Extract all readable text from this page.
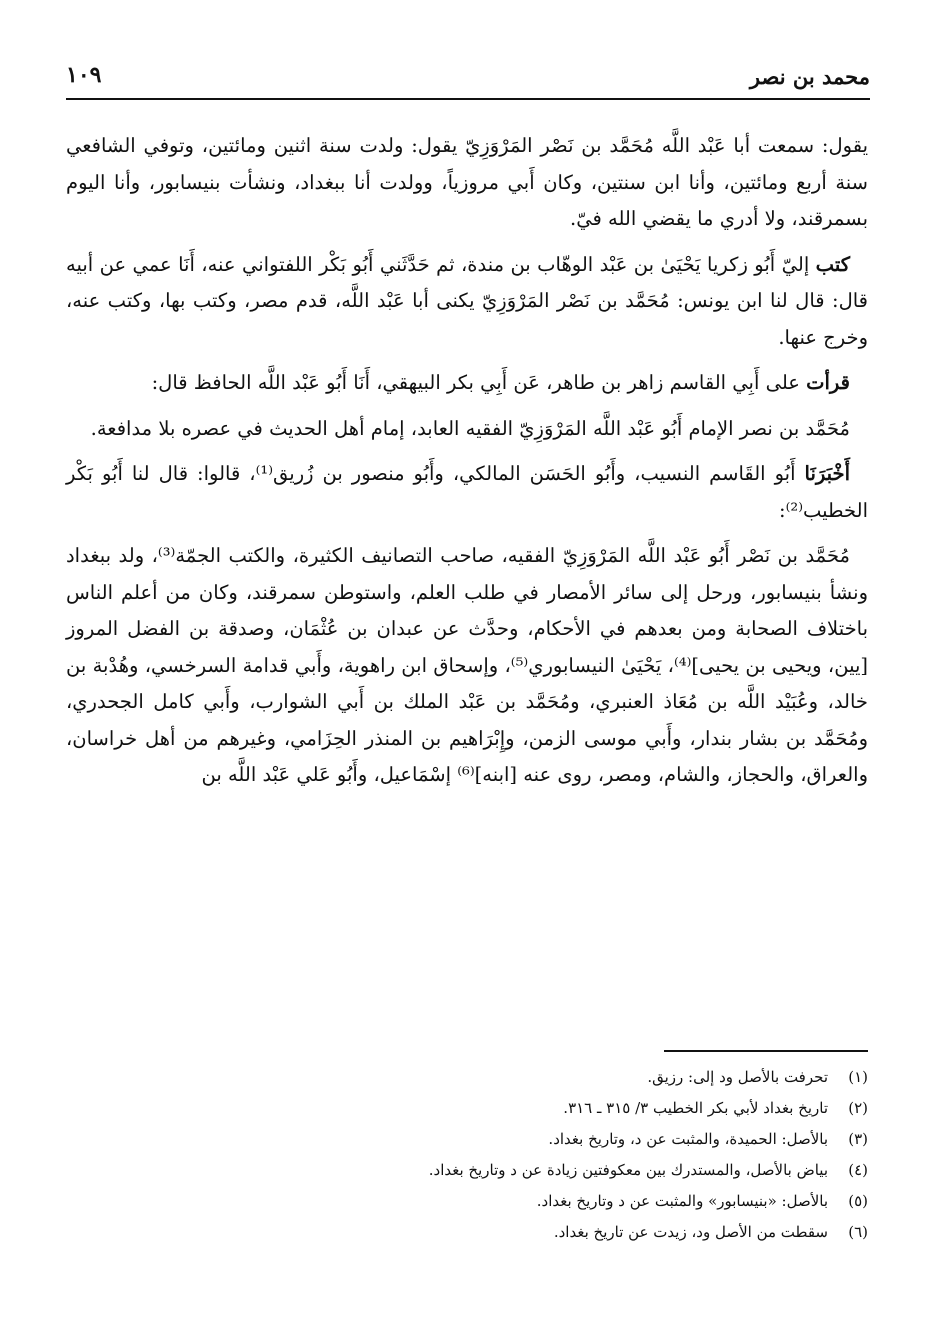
محمد بن نصر
١٠٩

يقول: سمعت أبا عَبْد اللَّه مُحَمَّد بن نَصْر المَرْوَزِيّ يقول: ولدت سنة اثنين ومائتين، وتوفي الشافعي سنة أربع ومائتين، وأنا ابن سنتين، وكان أَبي مروزياً، وولدت أنا ببغداد، ونشأت بنيسابور، وأنا اليوم بسمرقند، ولا أدري ما يقضي الله فيّ.

كتب إليّ أَبُو زكريا يَحْيَىٰ بن عَبْد الوهّاب بن مندة، ثم حَدَّثَني أَبُو بَكْر اللفتواني عنه، أَنَا عمي عن أبيه قال: قال لنا ابن يونس: مُحَمَّد بن نَصْر المَرْوَزِيّ يكنى أبا عَبْد اللَّه، قدم مصر، وكتب بها، وكتب عنه، وخرج عنها.

قرأت على أَبِي القاسم زاهر بن طاهر، عَن أَبِي بكر البيهقي، أَنَا أَبُو عَبْد اللَّه الحافظ قال:

مُحَمَّد بن نصر الإمام أَبُو عَبْد اللَّه المَرْوَزِيّ الفقيه العابد، إمام أهل الحديث في عصره بلا مدافعة.

أَخْبَرَنَا أَبُو القَاسم النسيب، وأَبُو الحَسَن المالكي، وأَبُو منصور بن زُريق⁽¹⁾، قالوا: قال لنا أَبُو بَكْر الخطيب⁽²⁾:

مُحَمَّد بن نَصْر أَبُو عَبْد اللَّه المَرْوَزِيّ الفقيه، صاحب التصانيف الكثيرة، والكتب الجمّة⁽³⁾، ولد ببغداد ونشأ بنيسابور، ورحل إلى سائر الأمصار في طلب العلم، واستوطن سمرقند، وكان من أعلم الناس باختلاف الصحابة ومن بعدهم في الأحكام، وحدَّث عن عبدان بن عُثْمَان، وصدقة بن الفضل المروز [يين، ويحيى بن يحيى]⁽⁴⁾، يَحْيَىٰ النيسابوري⁽⁵⁾، وإسحاق ابن راهوية، وأَبي قدامة السرخسي، وهُدْبة بن خالد، وعُبَيْد اللَّه بن مُعَاذ العنبري، ومُحَمَّد بن عَبْد الملك بن أَبي الشوارب، وأَبي كامل الجحدري، ومُحَمَّد بن بشار بندار، وأَبي موسى الزمن، وإِبْرَاهيم بن المنذر الحِزَامي، وغيرهم من أهل خراسان، والعراق، والحجاز، والشام، ومصر، روى عنه [ابنه]⁽⁶⁾ إسْمَاعيل، وأَبُو عَلي عَبْد اللَّه بن

(١)تحرفت بالأصل ود إلى: رزيق.
(٢)تاريخ بغداد لأبي بكر الخطيب ٣/ ٣١٥ ـ ٣١٦.
(٣)بالأصل: الحميدة، والمثبت عن د، وتاريخ بغداد.
(٤)بياض بالأصل، والمستدرك بين معكوفتين زيادة عن د وتاريخ بغداد.
(٥)بالأصل: «بنيسابور» والمثبت عن د وتاريخ بغداد.
(٦)سقطت من الأصل ود، زيدت عن تاريخ بغداد.
